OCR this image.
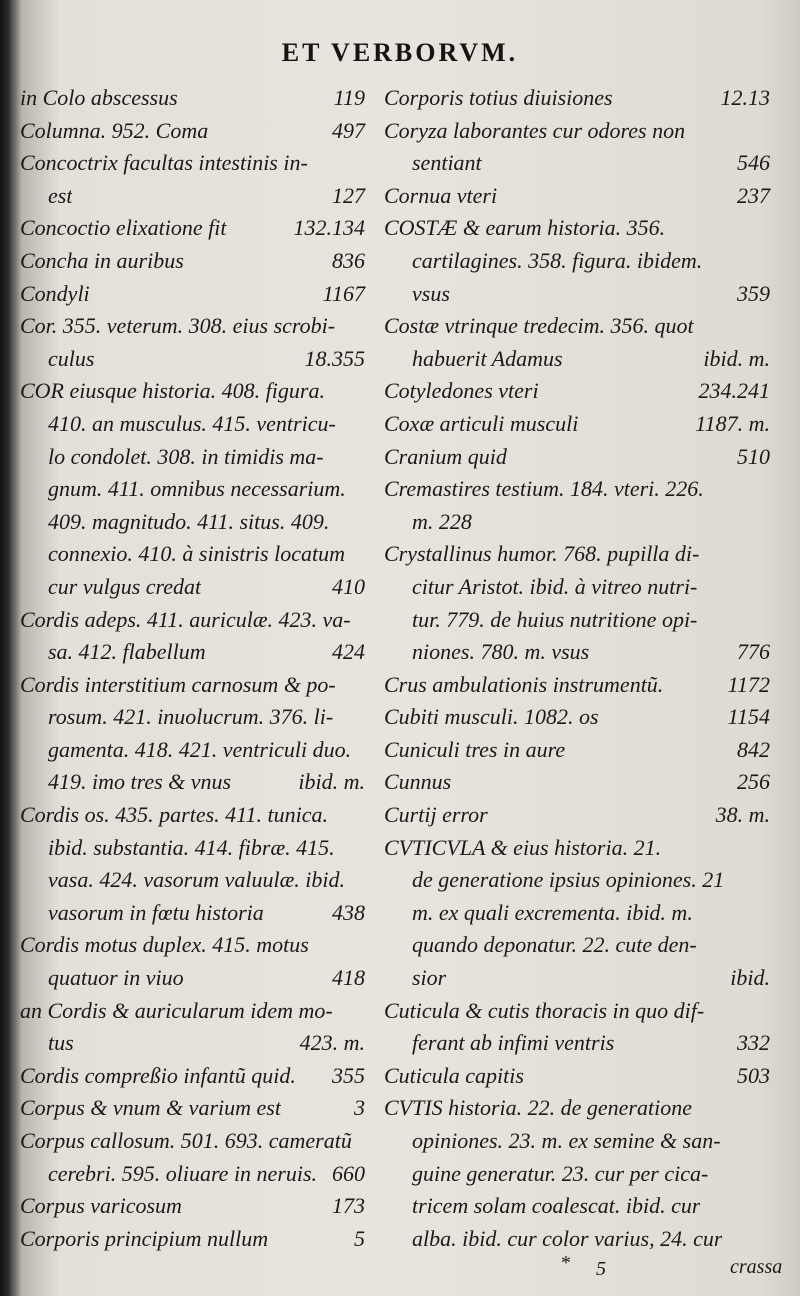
ET VERBORVM.
in Colo abscessus	119
Columna. 952. Coma	497
Concoctrix facultas intestinis in-
est	127
Concoctio elixatione fit	132.134
Concha in auribus	836
Condyli	1167
Cor. 355. veterum. 308. eius scrobi-
culus	18.355
COR eiusque historia. 408. figura.
410. an musculus. 415. ventricu-
lo condolet. 308. in timidis ma-
gnum. 411. omnibus necessarium.
409. magnitudo. 411. situs. 409.
connexio. 410. à sinistris locatum
cur vulgus credat	410
Cordis adeps. 411. auriculæ. 423. va-
sa. 412. flabellum	424
Cordis interstitium carnosum & po-
rosum. 421. inuolucrum. 376. li-
gamenta. 418. 421. ventriculi duo.
419. imo tres & vnus	ibid. m.
Cordis os. 435. partes. 411. tunica.
ibid. substantia. 414. fibræ. 415.
vasa. 424. vasorum valuulæ. ibid.
vasorum in fœtu historia	438
Cordis motus duplex. 415. motus
quatuor in viuo	418
an Cordis & auricularum idem mo-
tus	423. m.
Cordis compreßio infantũ quid.	355
Corpus & vnum & varium est	3
Corpus callosum. 501. 693. cameratũ
cerebri. 595. oliuare in neruis. 660
Corpus varicosum	173
Corporis principium nullum	5
Corporis totius diuisiones	12.13
Coryza laborantes cur odores non
sentiant	546
Cornua vteri	237
COSTÆ & earum historia. 356.
cartilagines. 358. figura. ibidem.
vsus	359
Costæ vtrinque tredecim. 356. quot
habuerit Adamus	ibid. m.
Cotyledones vteri	234.241
Coxæ articuli musculi	1187. m.
Cranium quid	510
Cremastires testium. 184. vteri. 226.
m. 228
Crystallinus humor. 768. pupilla di-
citur Aristot. ibid. à vitreo nutri-
tur. 779. de huius nutritione opi-
niones. 780. m. vsus	776
Crus ambulationis instrumentũ.	1172
Cubiti musculi. 1082. os	1154
Cuniculi tres in aure	842
Cunnus	256
Curtij error	38. m.
CVTICVLA & eius historia. 21.
de generatione ipsius opiniones. 21
m. ex quali excrementa. ibid. m.
quando deponatur. 22. cute den-
sior	ibid.
Cuticula & cutis thoracis in quo dif-
ferant ab infimi ventris	332
Cuticula capitis	503
CVTIS historia. 22. de generatione
opiniones. 23. m. ex semine & san-
guine generatur. 23. cur per cica-
tricem solam coalescat. ibid. cur
alba. ibid. cur color varius, 24. cur
* 5	crassa
